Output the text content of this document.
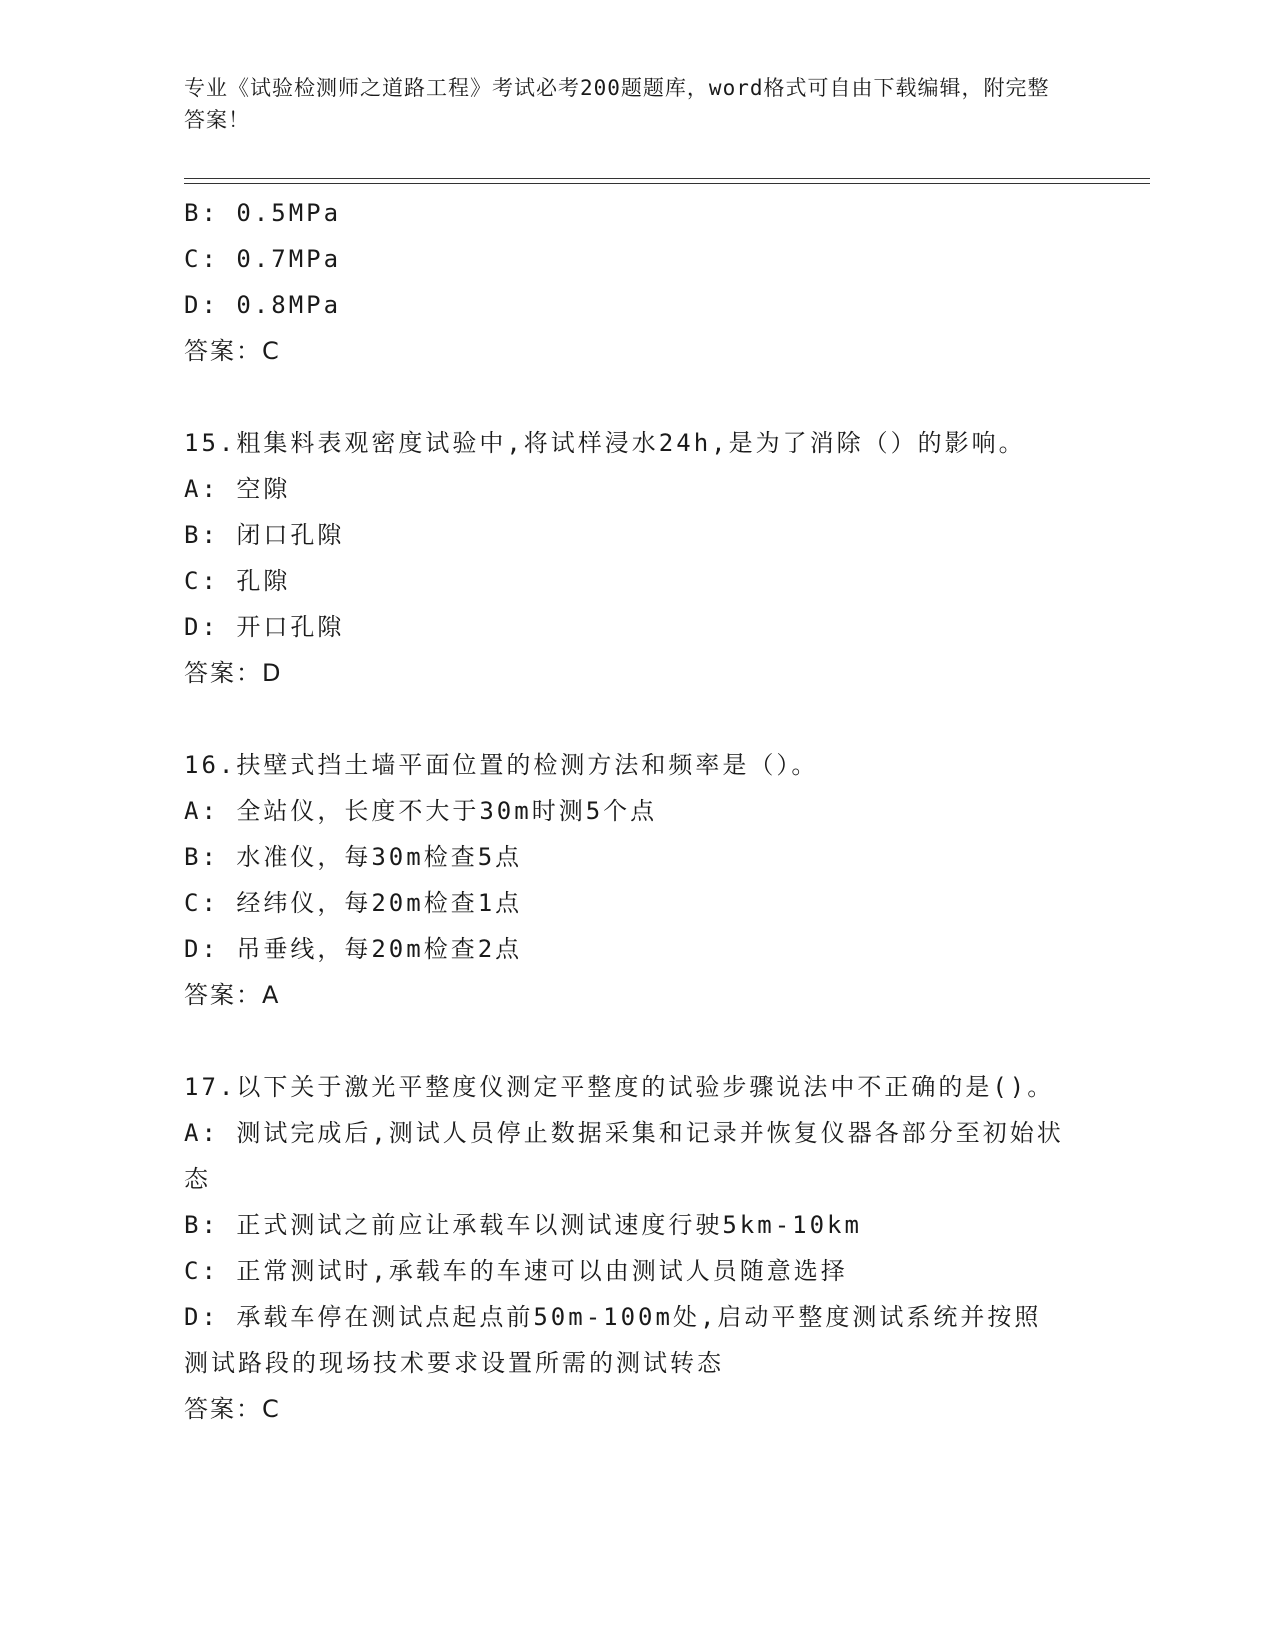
专业《试验检测师之道路工程》考试必考200题题库，word格式可自由下载编辑，附完整答案！
B: 0.5MPa
C: 0.7MPa
D: 0.8MPa
答案：C
15.粗集料表观密度试验中,将试样浸水24h,是为了消除（）的影响。
A: 空隙
B: 闭口孔隙
C: 孔隙
D: 开口孔隙
答案：D
16.扶壁式挡土墙平面位置的检测方法和频率是（）。
A: 全站仪，长度不大于30m时测5个点
B: 水准仪，每30m检查5点
C: 经纬仪，每20m检查1点
D: 吊垂线，每20m检查2点
答案：A
17.以下关于激光平整度仪测定平整度的试验步骤说法中不正确的是()。
A: 测试完成后,测试人员停止数据采集和记录并恢复仪器各部分至初始状态
B: 正式测试之前应让承载车以测试速度行驶5km-10km
C: 正常测试时,承载车的车速可以由测试人员随意选择
D: 承载车停在测试点起点前50m-100m处,启动平整度测试系统并按照测试路段的现场技术要求设置所需的测试转态
答案：C
